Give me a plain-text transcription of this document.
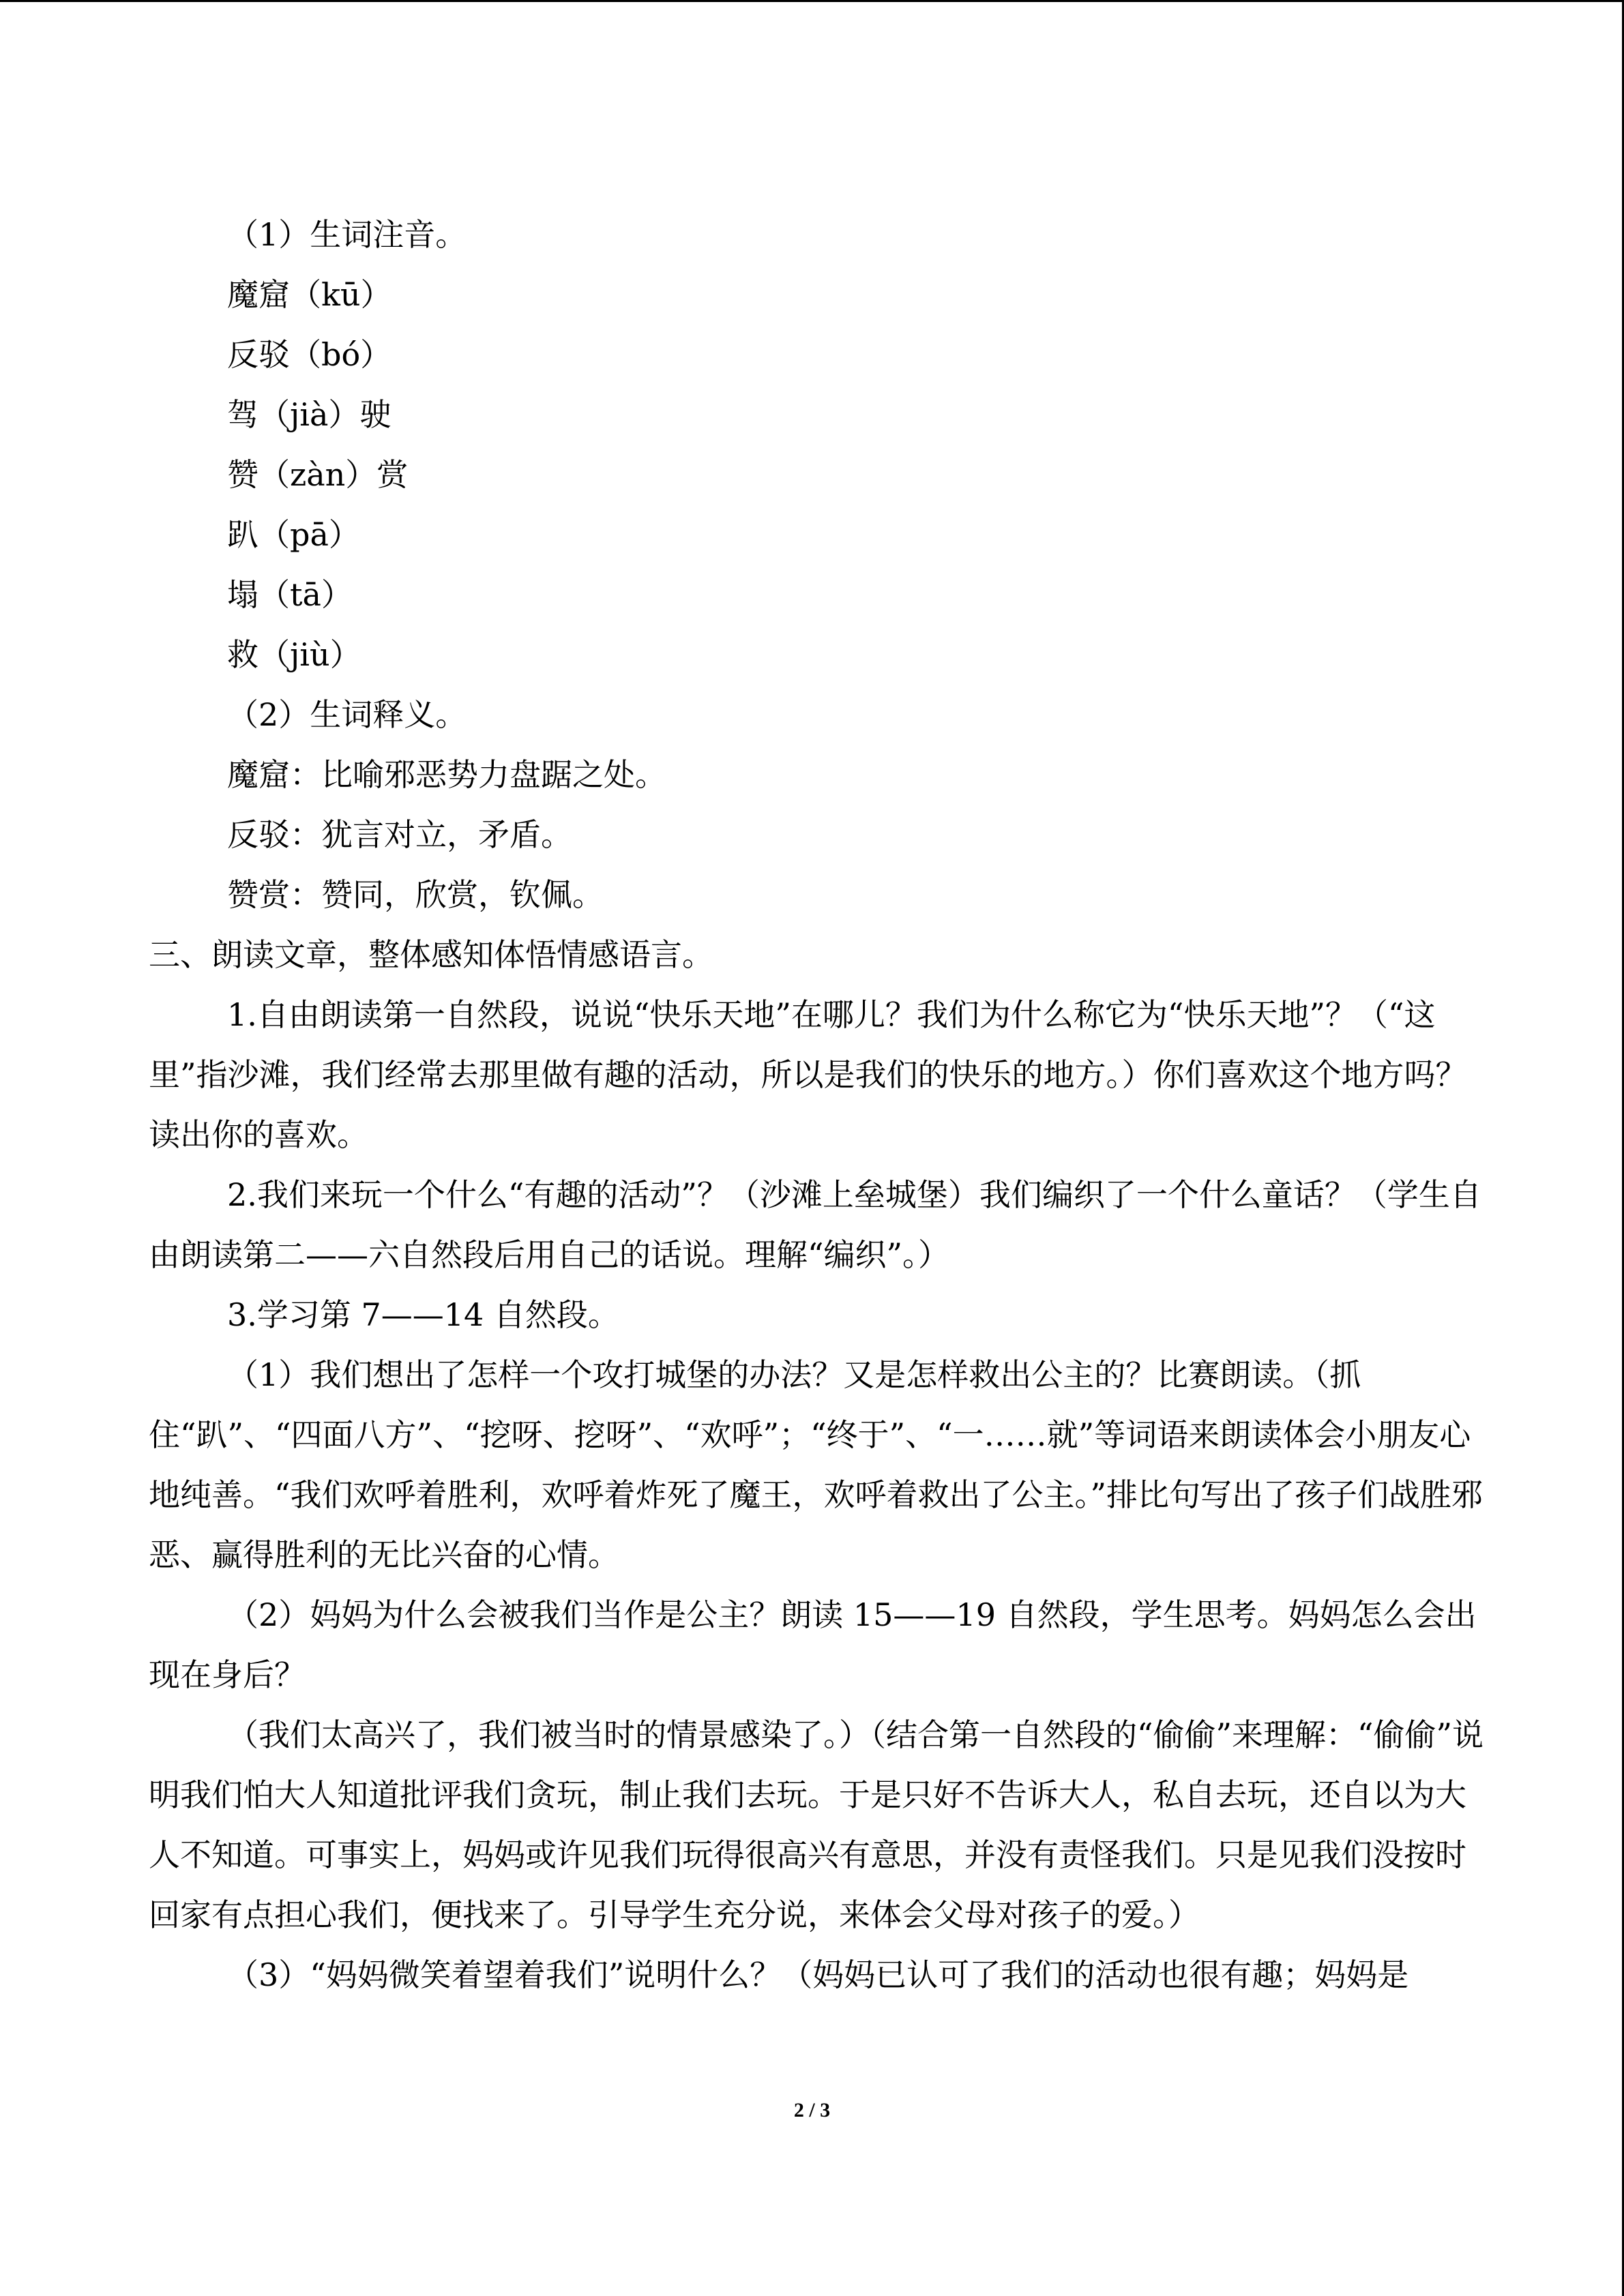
（1）生词注音。

魔窟（kū）

反驳（bó）

驾（jià）驶

赞（zàn）赏

趴（pā）

塌（tā）

救（jiù）

（2）生词释义。

魔窟：比喻邪恶势力盘踞之处。

反驳：犹言对立，矛盾。

赞赏：赞同，欣赏，钦佩。

三、朗读文章，整体感知体悟情感语言。

1.自由朗读第一自然段，说说“快乐天地”在哪儿？我们为什么称它为“快乐天地”？（“这里”指沙滩，我们经常去那里做有趣的活动，所以是我们的快乐的地方。）你们喜欢这个地方吗？读出你的喜欢。

2.我们来玩一个什么“有趣的活动”？（沙滩上垒城堡）我们编织了一个什么童话？（学生自由朗读第二——六自然段后用自己的话说。理解“编织”。）

3.学习第 7——14 自然段。

（1）我们想出了怎样一个攻打城堡的办法？又是怎样救出公主的？比赛朗读。（抓住“趴”、“四面八方”、“挖呀、挖呀”、“欢呼”；“终于”、“一……就”等词语来朗读体会小朋友心地纯善。“我们欢呼着胜利，欢呼着炸死了魔王，欢呼着救出了公主。”排比句写出了孩子们战胜邪恶、赢得胜利的无比兴奋的心情。

（2）妈妈为什么会被我们当作是公主？朗读 15——19 自然段，学生思考。妈妈怎么会出现在身后？

（我们太高兴了，我们被当时的情景感染了。）（结合第一自然段的“偷偷”来理解：“偷偷”说明我们怕大人知道批评我们贪玩，制止我们去玩。于是只好不告诉大人，私自去玩，还自以为大人不知道。可事实上，妈妈或许见我们玩得很高兴有意思，并没有责怪我们。只是见我们没按时回家有点担心我们，便找来了。引导学生充分说，来体会父母对孩子的爱。）

（3）“妈妈微笑着望着我们”说明什么？（妈妈已认可了我们的活动也很有趣；妈妈是

2 / 3
